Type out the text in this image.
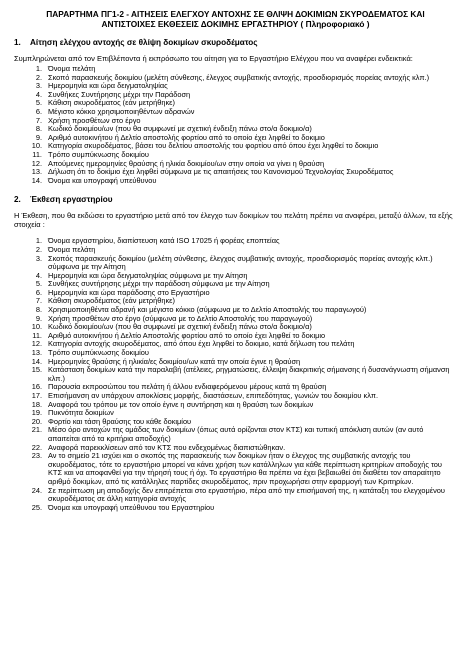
ΠΑΡΑΡΤΗΜΑ ΠΓ1-2 - ΑΙΤΗΣΕΙΣ ΕΛΕΓΧΟΥ ΑΝΤΟΧΗΣ ΣΕ ΘΛΙΨΗ ΔΟΚΙΜΙΩΝ ΣΚΥΡΟΔΕΜΑΤΟΣ ΚΑΙ ΑΝΤΙΣΤΟΙΧΕΣ ΕΚΘΕΣΕΙΣ ΔΟΚΙΜΗΣ ΕΡΓΑΣΤΗΡΙΟΥ ( Πληροφοριακό )
1. Αίτηση ελέγχου αντοχής σε θλίψη δοκιμίων σκυροδέματος
Συμπληρώνεται από τον Επιβλέποντα ή εκπρόσωπο του αίτηση για το Εργαστήριο Ελέγχου που να αναφέρει ενδεικτικά:
1. Όνομα πελάτη
2. Σκοπό παρασκευής δοκιμίου (μελέτη σύνθεσης, έλεγχος συμβατικής αντοχής, προσδιορισμός πορείας αντοχής κλπ.)
3. Ημερομηνία και ώρα δειγματοληψίας
4. Συνθήκες Συντήρησης μέχρι την Παράδοση
5. Κάθιση σκυροδέματος (εάν μετρήθηκε)
6. Μέγιστο κόκκο χρησιμοποιηθέντων αδρανών
7. Χρήση προσθέτων στο έργο
8. Κωδικό δοκιμίου/ων (που θα συμφωνεί με σχετική ένδειξη πάνω στο/α δοκιμιο/α)
9. Αριθμό αυτοκινήτου ή Δελτίο αποστολής φορτίου από το οποίο έχει ληφθεί το δοκιμιο
10. Κατηγορία σκυροδέματος, βάσει του δελτίου αποστολής του φορτίου από όπου έχει ληφθεί το δοκιμιο
11. Τρόπο συμπύκνωσης δοκιμίου
12. Απούμενες ημερομηνίες θραύσης ή ηλικία δοκιμίου/ων στην οποία να γίνει η θραύση
13. Δήλωση ότι το δοκίμιο έχει ληφθεί σύμφωνα με τις απαιτήσεις του Κανονισμού Τεχνολογίας Σκυροδέματος
14. Όνομα και υπογραφή υπεύθυνου
2. Έκθεση εργαστηρίου
Η Έκθεση, που θα εκδώσει το εργαστήριο μετά από τον έλεγχο των δοκιμίων του πελάτη πρέπει να αναφέρει, μεταξύ άλλων, τα εξής στοιχεία :
1. Όνομα εργαστηρίου, διαπίστευση κατά ISO 17025 ή φορέας εποπτείας
2. Όνομα πελάτη
3. Σκοπός παρασκευής δοκιμίου (μελέτη σύνθεσης, έλεγχος συμβατικής αντοχής, προσδιορισμός πορείας αντοχής κλπ.) σύμφωνα με την Αίτηση
4. Ημερομηνία και ώρα δειγματοληψίας σύμφωνα με την Αίτηση
5. Συνθήκες συντήρησης μέχρι την παράδοση σύμφωνα με την Αίτηση
6. Ημερομηνία και ώρα παράδοσης στο Εργαστήριο
7. Κάθιση σκυροδέματος (εάν μετρήθηκε)
8. Χρησιμοποιηθέντα αδρανή και μέγιστο κόκκο (σύμφωνα με το Δελτίο Αποστολής του παραγωγού)
9. Χρήση προσθέτων στο έργο (σύμφωνα με το Δελτίο Αποστολής του παραγωγού)
10. Κωδικό δοκιμίου/ων (που θα συμφωνεί με σχετική ένδειξη πάνω στο/α δοκιμιο/α)
11. Αριθμό αυτοκινήτου ή Δελτίο Αποστολής φορτίου από το οποίο έχει ληφθεί το δοκιμιο
12. Κατηγορία αντοχής σκυροδέματος, από όπου έχει ληφθεί το δοκιμιο, κατά δήλωση του πελάτη
13. Τρόπο συμπύκνωσης δοκιμίου
14. Ημερομηνίες θραύσης ή ηλικία/ες δοκιμίου/ων κατά την οποία έγινε η θραύση
15. Κατάσταση δοκιμίων κατά την παραλαβή (ατέλειες, ρηγματώσεις, έλλειψη διακριτικής σήμανσης ή δυσανάγνωστη σήμανση κλπ.)
16. Παρουσία εκπροσώπου του πελάτη ή άλλου ενδιαφερόμενου μέρους κατά τη θραύση
17. Επισήμανση αν υπάρχουν αποκλίσεις μορφής, διαστάσεων, επιπεδότητας, γωνιών του δοκιμίου κλπ.
18. Αναφορά του τρόπου με τον οποίο έγινε η συντήρηση και η θραύση των δοκιμίων
19. Πυκνότητα δοκιμίων
20. Φορτίο και τάση θραύσης του κάθε δοκιμίου
21. Μέσο όρο αντοχών της ομάδας των δοκιμίων (όπως αυτά ορίζονται στον ΚΤΣ) και τυπική απόκλιση αυτών (αν αυτό απαιτείται από τα κριτήρια αποδοχής)
22. Αναφορά παρεκκλίσεων από τον ΚΤΣ που ενδεχομένως διαπιστώθηκαν.
23. Αν το σημείο 21 ισχύει και ο σκοπός της παρασκευής των δοκιμίων ήταν ο έλεγχος της συμβατικής αντοχής του σκυροδέματος, τότε το εργαστήριο μπορεί να κάνει χρήση των κατάλληλων για κάθε περίπτωση κριτηρίων αποδοχής του ΚΤΣ και να αποφανθεί για την τήρησή τους ή όχι. Το εργαστήριο θα πρέπει να έχει βεβαιωθεί ότι διαθέτει τον απαραίτητο αριθμό δοκιμίων, από τις κατάλληλες παρτίδες σκυροδέματος, πριν προχωρήσει στην εφαρμογή των Κριτηρίων.
24. Σε περίπτωση μη αποδοχής δεν επιτρέπεται στο εργαστήριο, πέρα από την επισήμανσή της, η κατάταξη του ελεγχομένου σκυροδέματος σε άλλη κατηγορία αντοχής
25. Όνομα και υπογραφή υπεύθυνου του Εργαστηρίου
